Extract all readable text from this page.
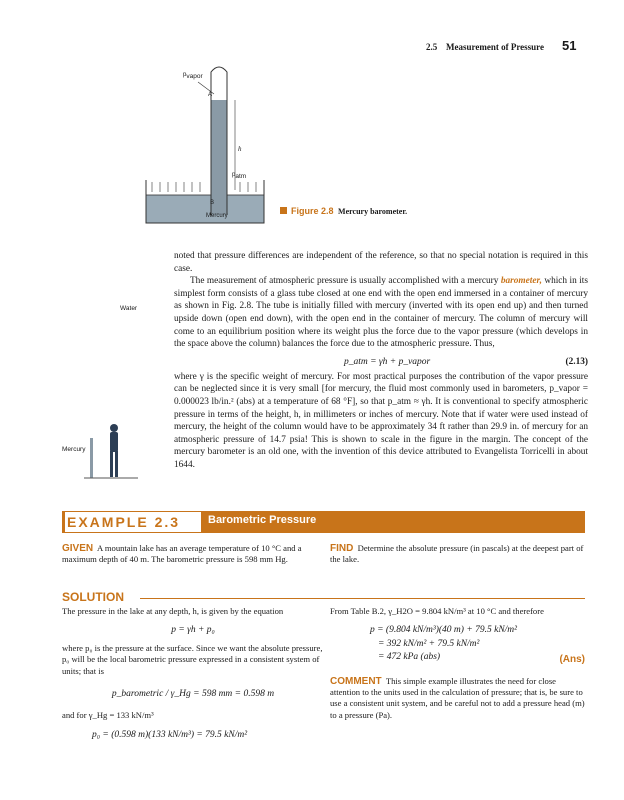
2.5 Measurement of Pressure 51
$p_{vapor}$
A
h
$p_{atm}$
B
Mercury	Figure 2.8 Mercury barometer.
Water
Mercury

noted that pressure differences are independent of the reference, so that no special notation is required in this case.

The measurement of atmospheric pressure is usually accomplished with a mercury barometer, which in its simplest form consists of a glass tube closed at one end with the open end immersed in a container of mercury as shown in Fig. 2.8. The tube is initially filled with mercury (inverted with its open end up) and then turned upside down (open end down), with the open end in the container of mercury. The column of mercury will come to an equilibrium position where its weight plus the force due to the vapor pressure (which develops in the space above the column) balances the force due to the atmospheric pressure. Thus,

p_atm = γh + p_vapor	(2.13)

where γ is the specific weight of mercury. For most practical purposes the contribution of the vapor pressure can be neglected since it is very small [for mercury, the fluid most commonly used in barometers, p_vapor = 0.000023 lb/in.² (abs) at a temperature of 68 °F], so that p_atm ≈ γh. It is conventional to specify atmospheric pressure in terms of the height, h, in millimeters or inches of mercury. Note that if water were used instead of mercury, the height of the column would have to be approximately 34 ft rather than 29.9 in. of mercury for an atmospheric pressure of 14.7 psia! This is shown to scale in the figure in the margin. The concept of the mercury barometer is an old one, with the invention of this device attributed to Evangelista Torricelli in about 1644.

EXAMPLE 2.3	Barometric Pressure
GIVEN A mountain lake has an average temperature of 10 °C and a maximum depth of 40 m. The barometric pressure is 598 mm Hg.
FIND Determine the absolute pressure (in pascals) at the deepest part of the lake.
SOLUTION
The pressure in the lake at any depth, h, is given by the equation
p = γh + p₀
where p₀ is the pressure at the surface. Since we want the absolute pressure, p₀ will be the local barometric pressure expressed in a consistent system of units; that is
p_barometric / γ_Hg = 598 mm = 0.598 m
and for γ_Hg = 133 kN/m³
p₀ = (0.598 m)(133 kN/m³) = 79.5 kN/m²
From Table B.2, γ_H2O = 9.804 kN/m³ at 10 °C and therefore
p = (9.804 kN/m³)(40 m) + 79.5 kN/m²
= 392 kN/m² + 79.5 kN/m²
= 472 kPa (abs)	(Ans)
COMMENT This simple example illustrates the need for close attention to the units used in the calculation of pressure; that is, be sure to use a consistent unit system, and be careful not to add a pressure head (m) to a pressure (Pa).
